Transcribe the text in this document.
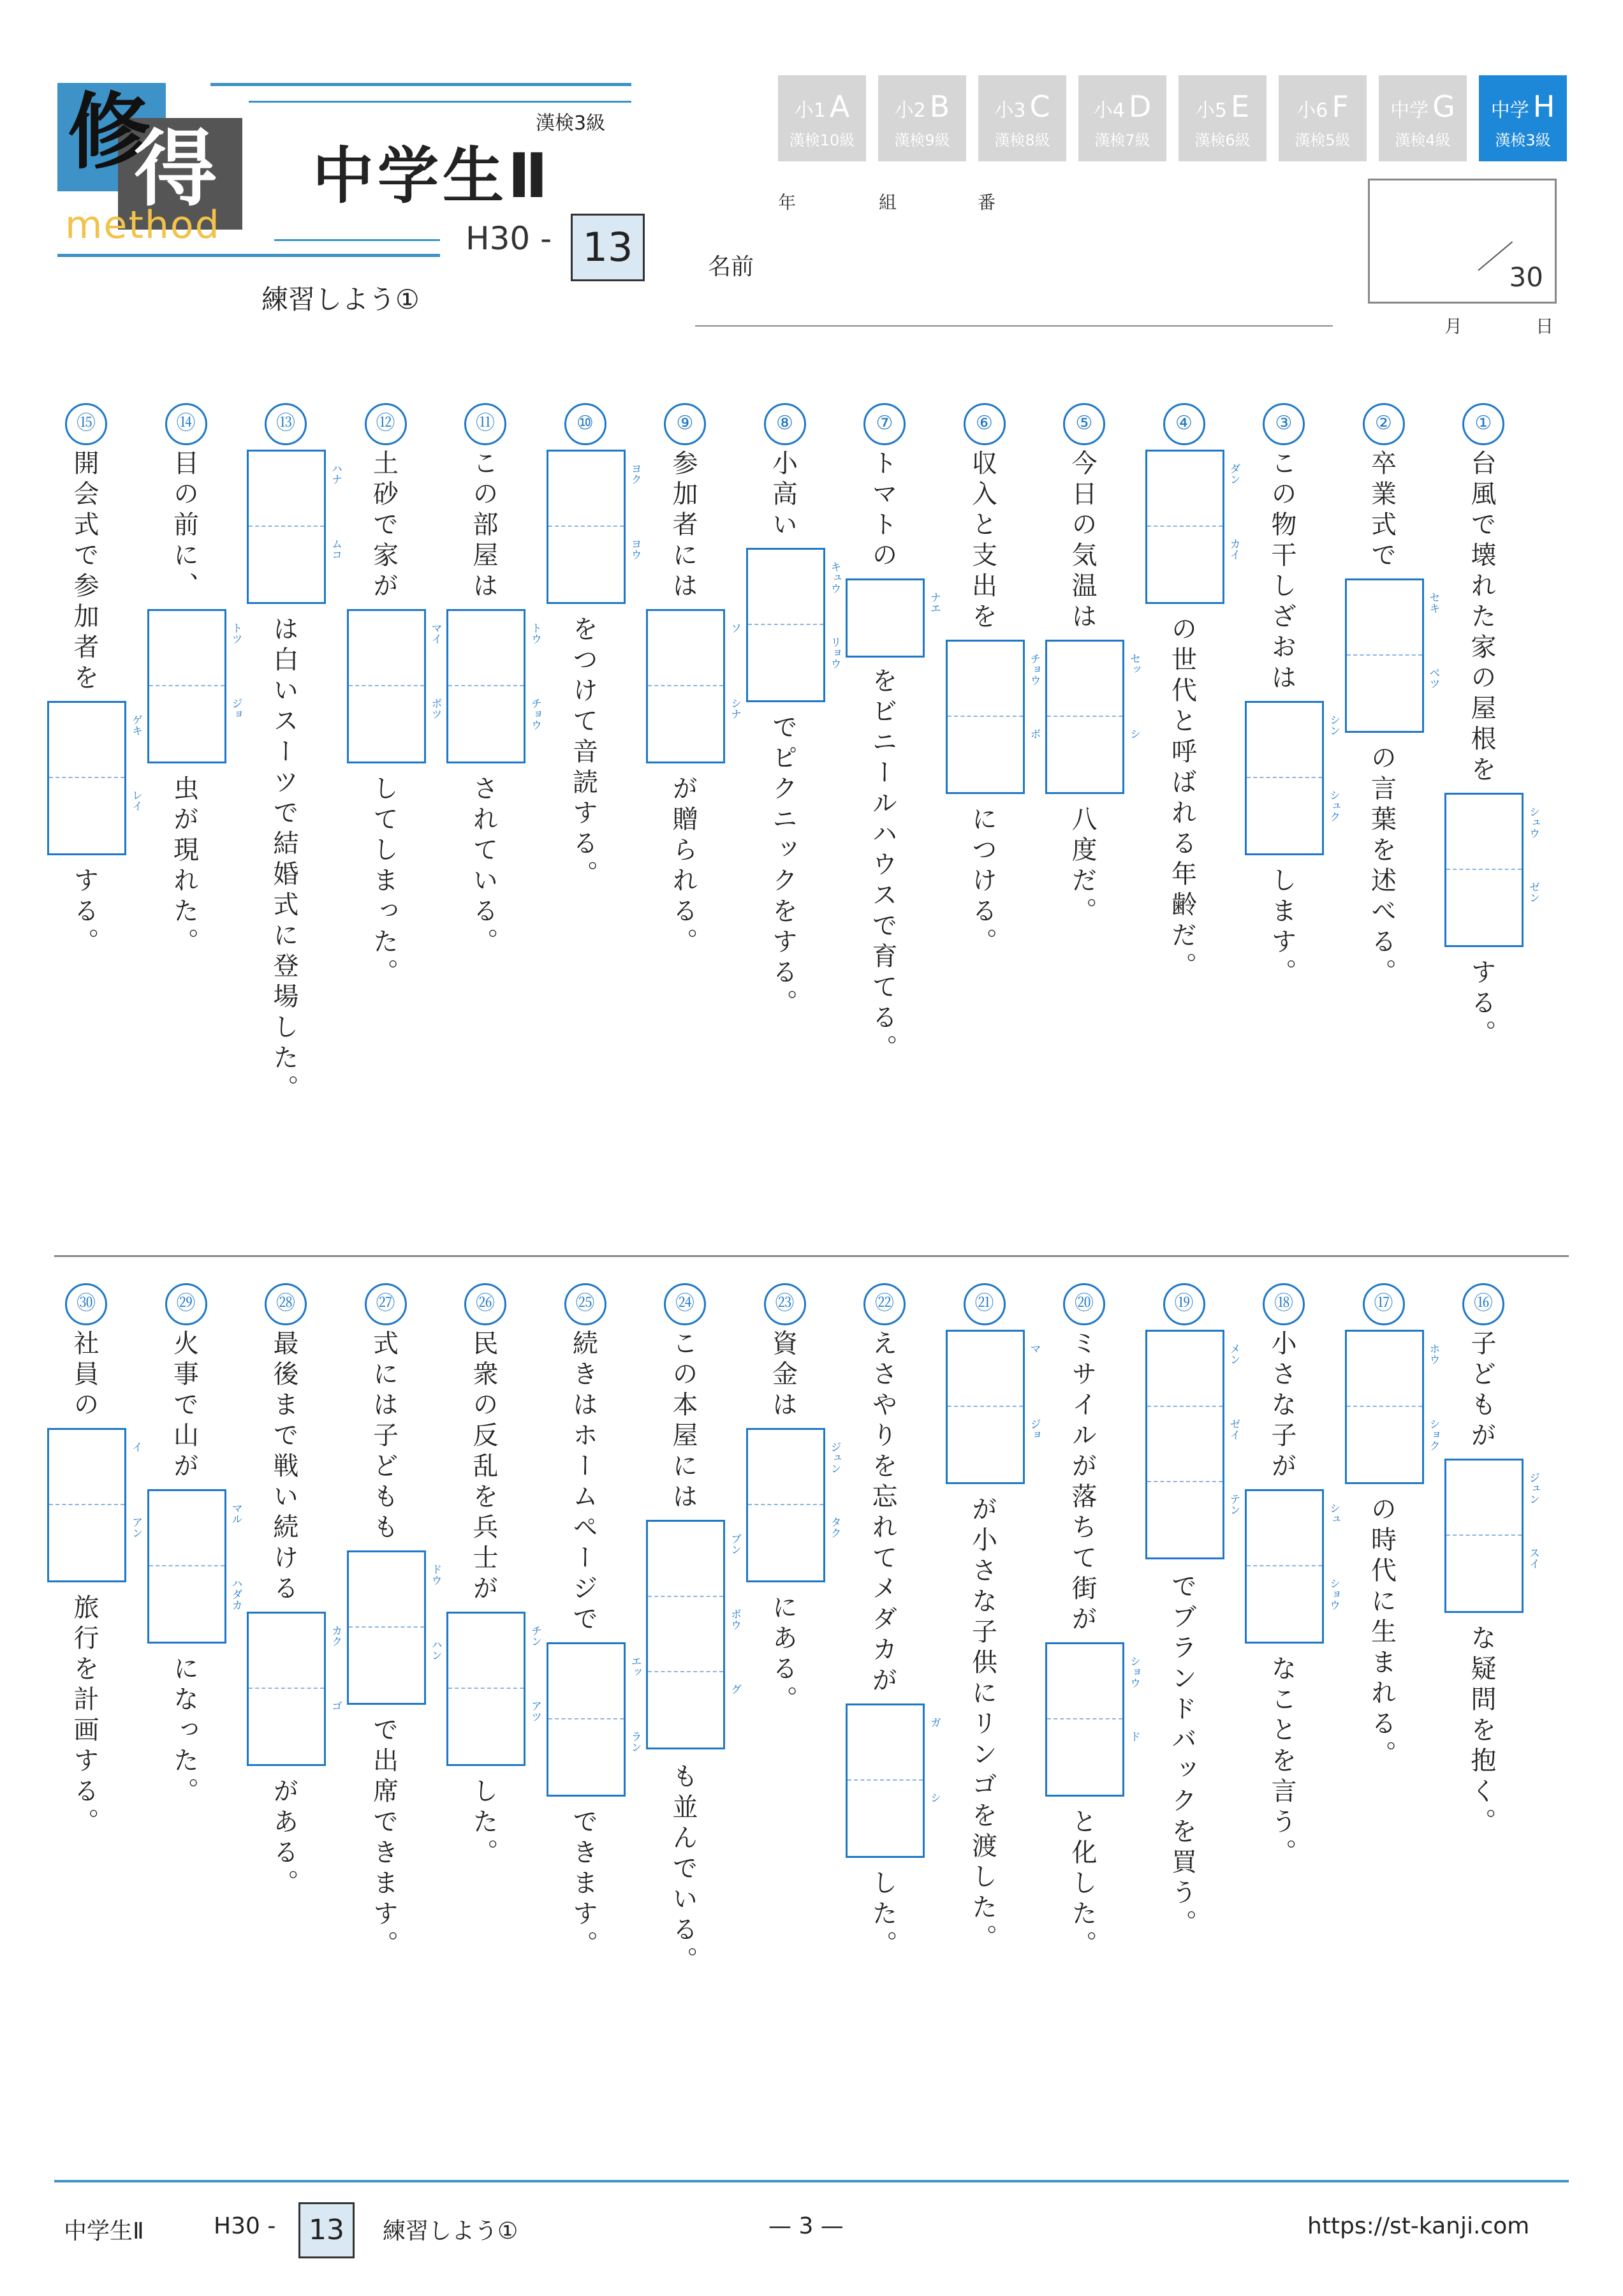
修
得
method
漢検3級
中学生Ⅱ
H30 - 13
練習しよう①
小1 A
漢検10級
小2 B
漢検9級
小3 C
漢検8級
小4 D
漢検7級
小5 E
漢検6級
小6 F
漢検5級
中学 G
漢検4級
中学 H
漢検3級
年	組	番
名前	30
月	日
①
台風で壊れた家の屋根を
シュウ
ゼン
する。
②
卒業式で
セキ
べツ
の言葉を述べる。
③
この物干しざおは
シン
シュク
します。
④
ダン
カイ
の世代と呼ばれる年齢だ。
⑤
今日の気温は
セッ
シ
八度だ。
⑥
収入と支出を
チョウ
ボ
につける。
⑦
トマトの
ナエ
をビニールハウスで育てる。
⑧
小高い
キュウ
リョウ
でピクニックをする。
⑨
参加者には
ソ
シナ
が贈られる。
⑩
ヨク
ヨウ
をつけて音読する。
⑪
この部屋は
トウ
チョウ
されている。
⑫
土砂で家が
マイ
ボツ
してしまった。
⑬
ハナ
ムコ
は白いスーツで結婚式に登場した。
⑭
目の前に、
トツ
ジョ
虫が現れた。
⑮
開会式で参加者を
ゲキ
レイ
する。
⑯
子どもが
ジュン
スイ
な疑問を抱く。
⑰
ホウ
ショク
の時代に生まれる。
⑱
小さな子が
シュ
ショウ
なことを言う。
⑲
メン
ゼイ
テン
でブランドバックを買う。
⑳
ミサイルが落ちて街が
ショウ
ド
と化した。
㉑
マ
ジョ
が小さな子供にリンゴを渡した。
㉒
えさやりを忘れてメダカが
ガ
シ
した。
㉓
資金は
ジュン
タク
にある。
㉔
この本屋には
ブン
ボウ
グ
も並んでいる。
㉕
続きはホームページで
エッ
ラン
できます。
㉖
民衆の反乱を兵士が
チン
アツ
した。
㉗
式には子どもも
ドウ
ハン
で出席できます。
㉘
最後まで戦い続ける
カク
ゴ
がある。
㉙
火事で山が
マル
ハダカ
になった。
㉚
社員の
イ
アン
旅行を計画する。
中学生Ⅱ	H30 -	13	練習しよう①	— 3 —	https://st-kanji.com
